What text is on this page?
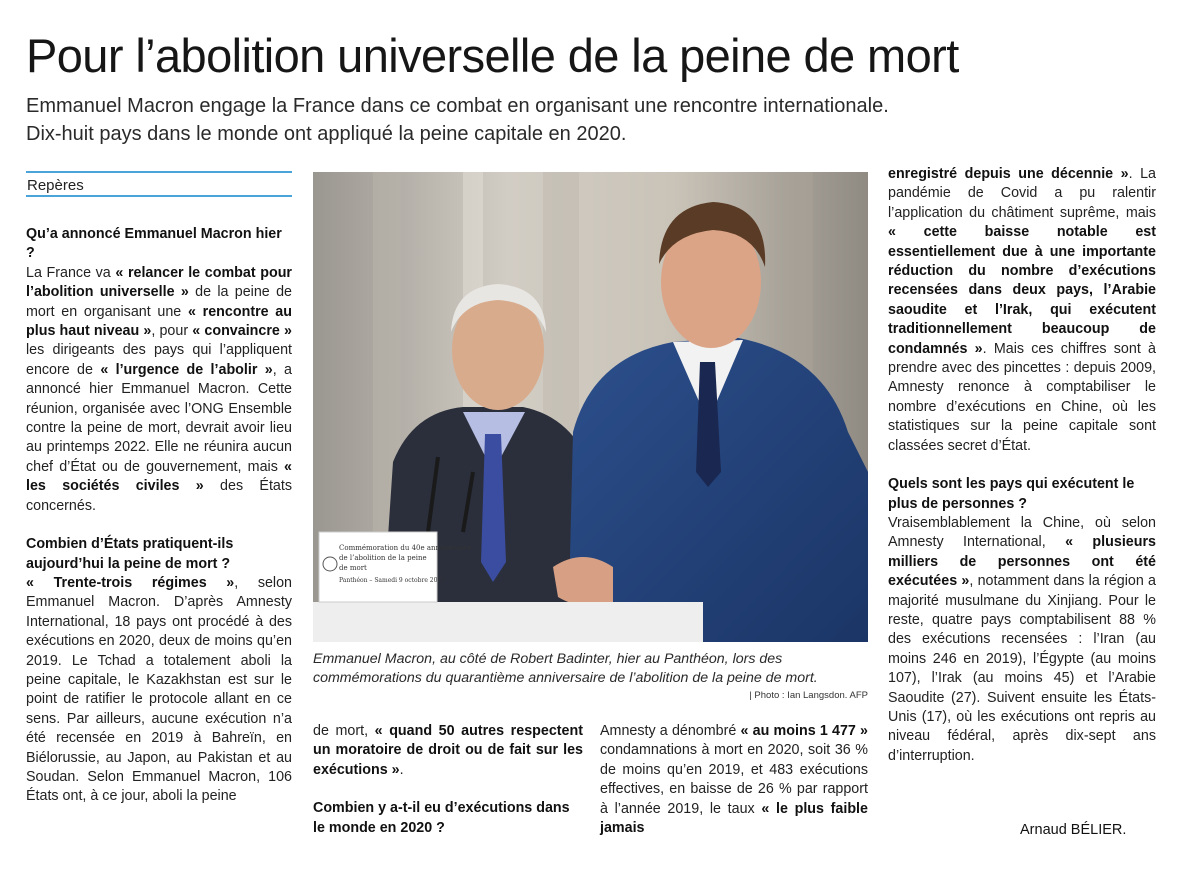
Pour l’abolition universelle de la peine de mort
Emmanuel Macron engage la France dans ce combat en organisant une rencontre internationale.
Dix-huit pays dans le monde ont appliqué la peine capitale en 2020.
Repères

Qu’a annoncé Emmanuel Macron hier ?

La France va « relancer le combat pour l’abolition universelle » de la peine de mort en organisant une « rencontre au plus haut niveau », pour « convaincre » les dirigeants des pays qui l’appliquent encore de « l’urgence de l’abolir », a annoncé hier Emmanuel Macron. Cette réunion, organisée avec l’ONG Ensemble contre la peine de mort, devrait avoir lieu au printemps 2022. Elle ne réunira aucun chef d’État ou de gouvernement, mais « les sociétés civiles » des États concernés.

Combien d’États pratiquent-ils aujourd’hui la peine de mort ?

« Trente-trois régimes », selon Emmanuel Macron. D’après Amnesty International, 18 pays ont procédé à des exécutions en 2020, deux de moins qu’en 2019. Le Tchad a totalement aboli la peine capitale, le Kazakhstan est sur le point de ratifier le protocole allant en ce sens. Par ailleurs, aucune exécution n’a été recensée en 2019 à Bahreïn, en Biélorussie, au Japon, au Pakistan et au Soudan. Selon Emmanuel Macron, 106 États ont, à ce jour, aboli la peine

Commémoration du 40e anniversaire
de l’abolition de la peine
de mort
Panthéon – Samedi 9 octobre 2021

Emmanuel Macron, au côté de Robert Badinter, hier au Panthéon, lors des commémorations du quarantième anniversaire de l’abolition de la peine de mort.

| Photo : Ian Langsdon. AFP

de mort, « quand 50 autres respectent un moratoire de droit ou de fait sur les exécutions ».

Combien y a-t-il eu d’exécutions dans le monde en 2020 ?

Amnesty a dénombré « au moins 1 477 » condamnations à mort en 2020, soit 36 % de moins qu’en 2019, et 483 exécutions effectives, en baisse de 26 % par rapport à l’année 2019, le taux « le plus faible jamais

enregistré depuis une décennie ». La pandémie de Covid a pu ralentir l’application du châtiment suprême, mais « cette baisse notable est essentiellement due à une importante réduction du nombre d’exécutions recensées dans deux pays, l’Arabie saoudite et l’Irak, qui exécutent traditionnellement beaucoup de condamnés ». Mais ces chiffres sont à prendre avec des pincettes : depuis 2009, Amnesty renonce à comptabiliser le nombre d’exécutions en Chine, où les statistiques sur la peine capitale sont classées secret d’État.

Quels sont les pays qui exécutent le plus de personnes ?

Vraisemblablement la Chine, où selon Amnesty International, « plusieurs milliers de personnes ont été exécutées », notamment dans la région a majorité musulmane du Xinjiang. Pour le reste, quatre pays comptabilisent 88 % des exécutions recensées : l’Iran (au moins 246 en 2019), l’Égypte (au moins 107), l’Irak (au moins 45) et l’Arabie Saoudite (27). Suivent ensuite les États-Unis (17), où les exécutions ont repris au niveau fédéral, après dix-sept ans d’interruption.

Arnaud BÉLIER.
